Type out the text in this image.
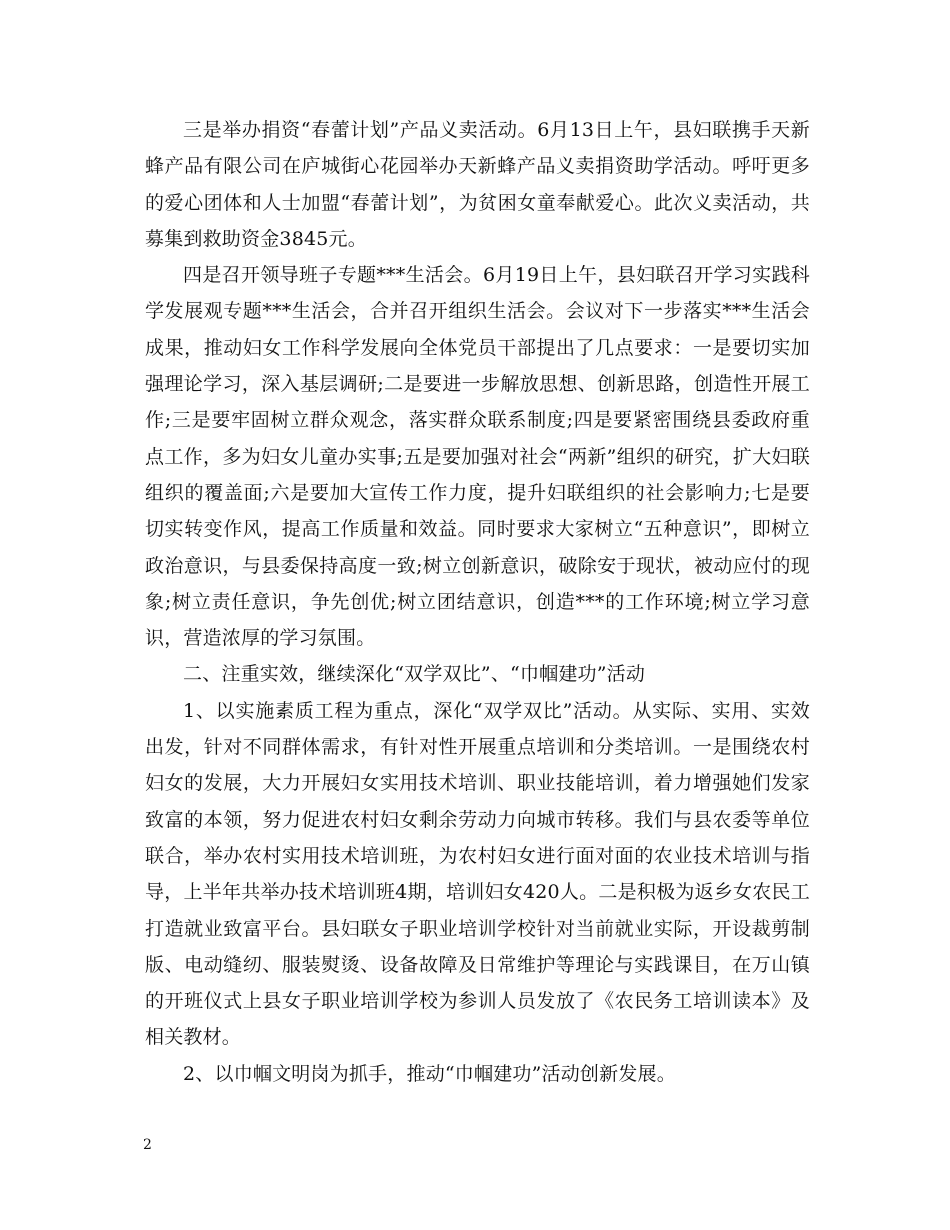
三是举办捐资“春蕾计划”产品义卖活动。6月13日上午，县妇联携手天新蜂产品有限公司在庐城街心花园举办天新蜂产品义卖捐资助学活动。呼吁更多的爱心团体和人士加盟“春蕾计划”，为贫困女童奉献爱心。此次义卖活动，共募集到救助资金3845元。

四是召开领导班子专题***生活会。6月19日上午，县妇联召开学习实践科学发展观专题***生活会，合并召开组织生活会。会议对下一步落实***生活会成果，推动妇女工作科学发展向全体党员干部提出了几点要求：一是要切实加强理论学习，深入基层调研;二是要进一步解放思想、创新思路，创造性开展工作;三是要牢固树立群众观念，落实群众联系制度;四是要紧密围绕县委政府重点工作，多为妇女儿童办实事;五是要加强对社会“两新”组织的研究，扩大妇联组织的覆盖面;六是要加大宣传工作力度，提升妇联组织的社会影响力;七是要切实转变作风，提高工作质量和效益。同时要求大家树立“五种意识”，即树立政治意识，与县委保持高度一致;树立创新意识，破除安于现状，被动应付的现象;树立责任意识，争先创优;树立团结意识，创造***的工作环境;树立学习意识，营造浓厚的学习氛围。

二、注重实效，继续深化“双学双比”、“巾帼建功”活动

1、以实施素质工程为重点，深化“双学双比”活动。从实际、实用、实效出发，针对不同群体需求，有针对性开展重点培训和分类培训。一是围绕农村妇女的发展，大力开展妇女实用技术培训、职业技能培训，着力增强她们发家致富的本领，努力促进农村妇女剩余劳动力向城市转移。我们与县农委等单位联合，举办农村实用技术培训班，为农村妇女进行面对面的农业技术培训与指导，上半年共举办技术培训班4期，培训妇女420人。二是积极为返乡女农民工打造就业致富平台。县妇联女子职业培训学校针对当前就业实际，开设裁剪制版、电动缝纫、服装熨烫、设备故障及日常维护等理论与实践课目，在万山镇的开班仪式上县女子职业培训学校为参训人员发放了《农民务工培训读本》及相关教材。

2、以巾帼文明岗为抓手，推动“巾帼建功”活动创新发展。

2
